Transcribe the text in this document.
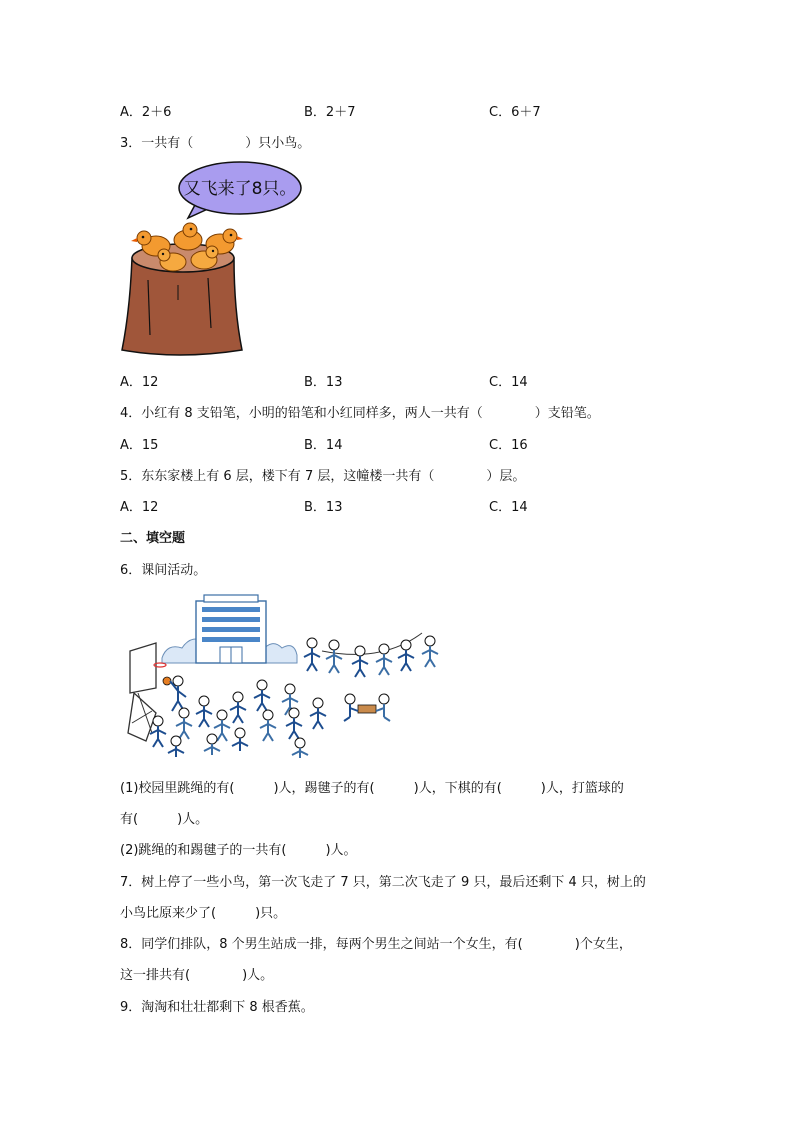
A．2＋6	B．2＋7	C．6＋7
3．一共有（　　　　）只小鸟。
又飞来了8只。
A．12	B．13	C．14
4．小红有 8 支铅笔，小明的铅笔和小红同样多，两人一共有（　　　　）支铅笔。
A．15	B．14	C．16
5．东东家楼上有 6 层，楼下有 7 层，这幢楼一共有（　　　　）层。
A．12	B．13	C．14
二、填空题
6．课间活动。
(1)校园里跳绳的有(　　　)人，踢毽子的有(　　　)人，下棋的有(　　　)人，打篮球的
有(　　　)人。
(2)跳绳的和踢毽子的一共有(　　　)人。
7．树上停了一些小鸟，第一次飞走了 7 只，第二次飞走了 9 只，最后还剩下 4 只，树上的
小鸟比原来少了(　　　)只。
8．同学们排队，8 个男生站成一排，每两个男生之间站一个女生，有(　　　　)个女生，
这一排共有(　　　　)人。
9．淘淘和壮壮都剩下 8 根香蕉。
